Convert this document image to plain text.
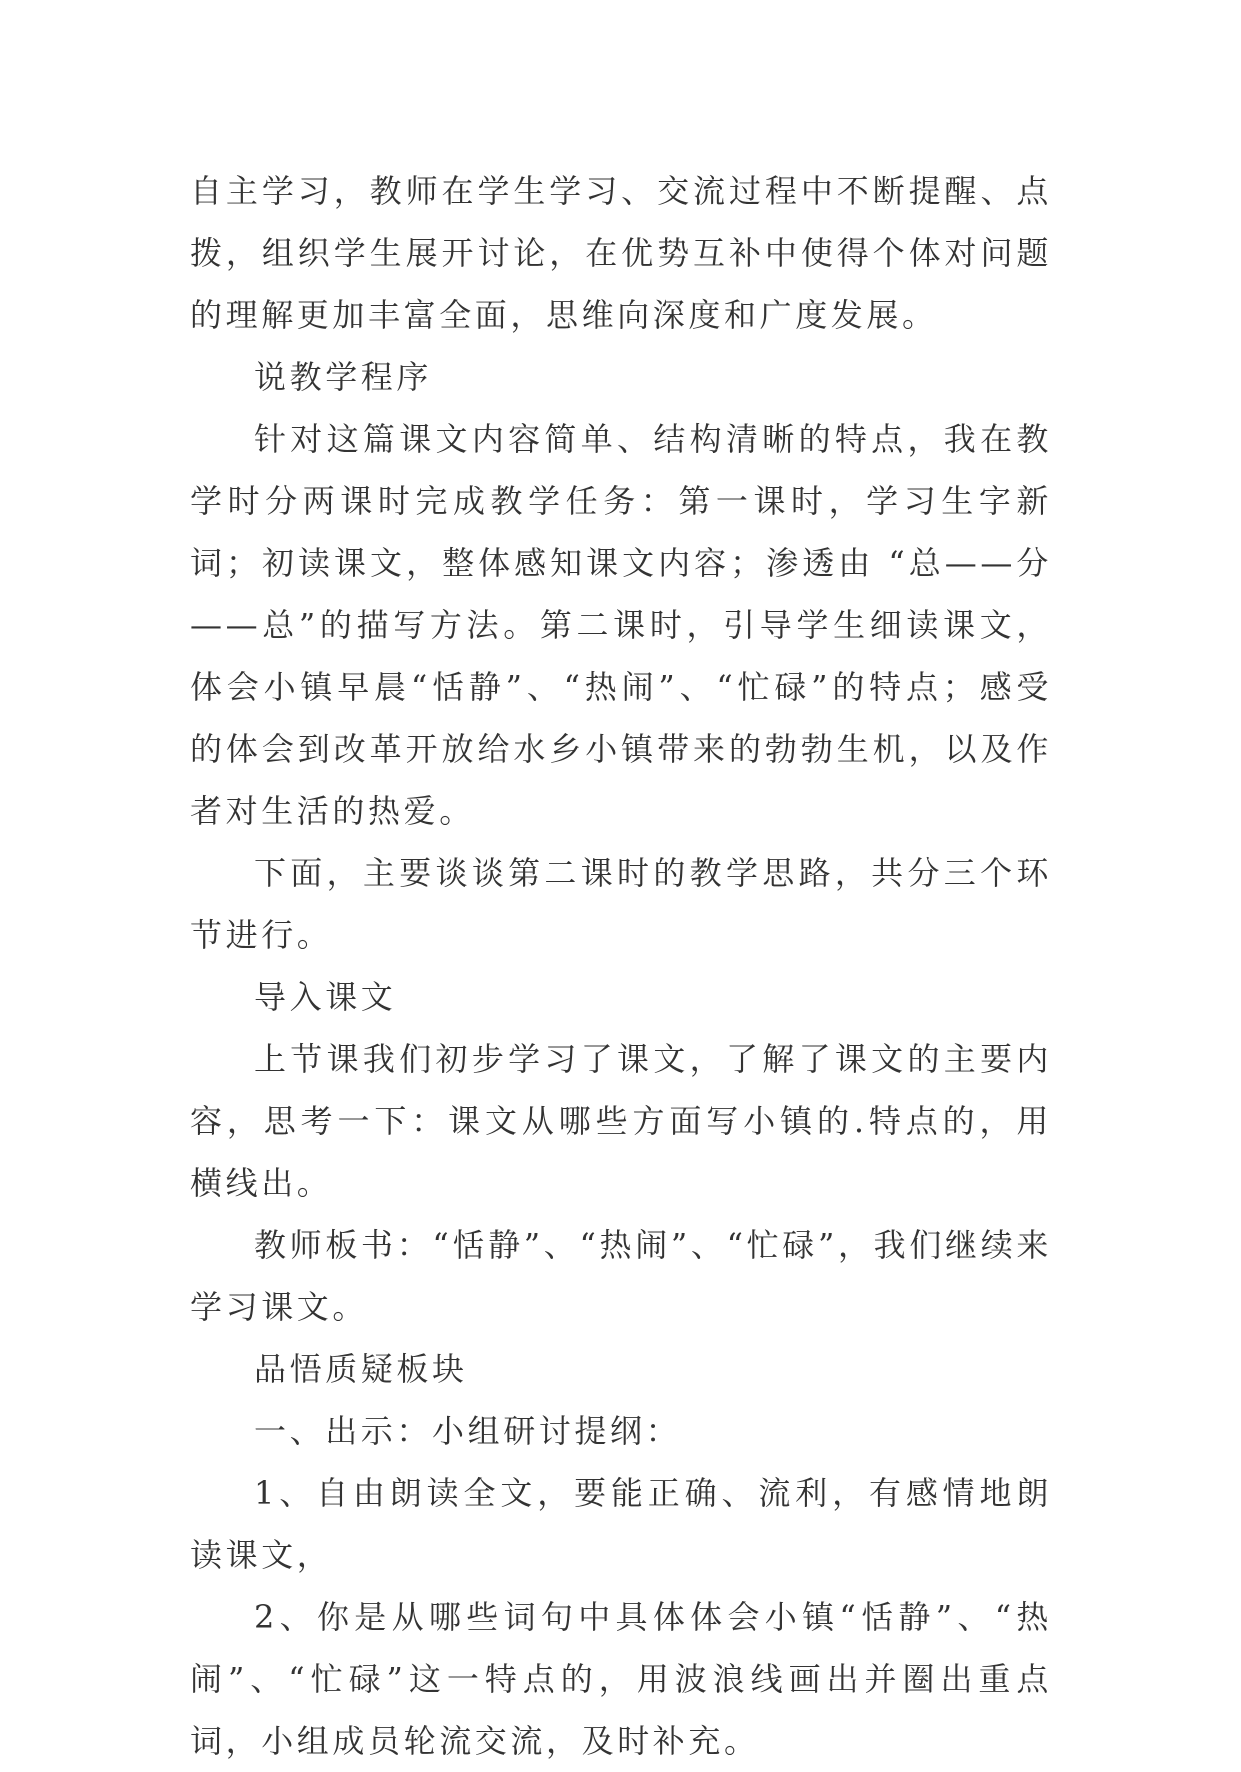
自主学习，教师在学生学习、交流过程中不断提醒、点拨，组织学生展开讨论，在优势互补中使得个体对问题的理解更加丰富全面，思维向深度和广度发展。

说教学程序

针对这篇课文内容简单、结构清晰的特点，我在教学时分两课时完成教学任务：第一课时，学习生字新词；初读课文，整体感知课文内容；渗透由 “总——分——总”的描写方法。第二课时，引导学生细读课文，体会小镇早晨“恬静”、“热闹”、“忙碌”的特点；感受的体会到改革开放给水乡小镇带来的勃勃生机，以及作者对生活的热爱。

下面，主要谈谈第二课时的教学思路，共分三个环节进行。

导入课文

上节课我们初步学习了课文，了解了课文的主要内容，思考一下：课文从哪些方面写小镇的.特点的，用横线出。

教师板书：“恬静”、“热闹”、“忙碌”，我们继续来学习课文。

品悟质疑板块

一、出示：小组研讨提纲：

1、自由朗读全文，要能正确、流利，有感情地朗读课文，

2、你是从哪些词句中具体体会小镇“恬静”、“热闹”、“忙碌”这一特点的，用波浪线画出并圈出重点词，小组成员轮流交流，及时补充。
